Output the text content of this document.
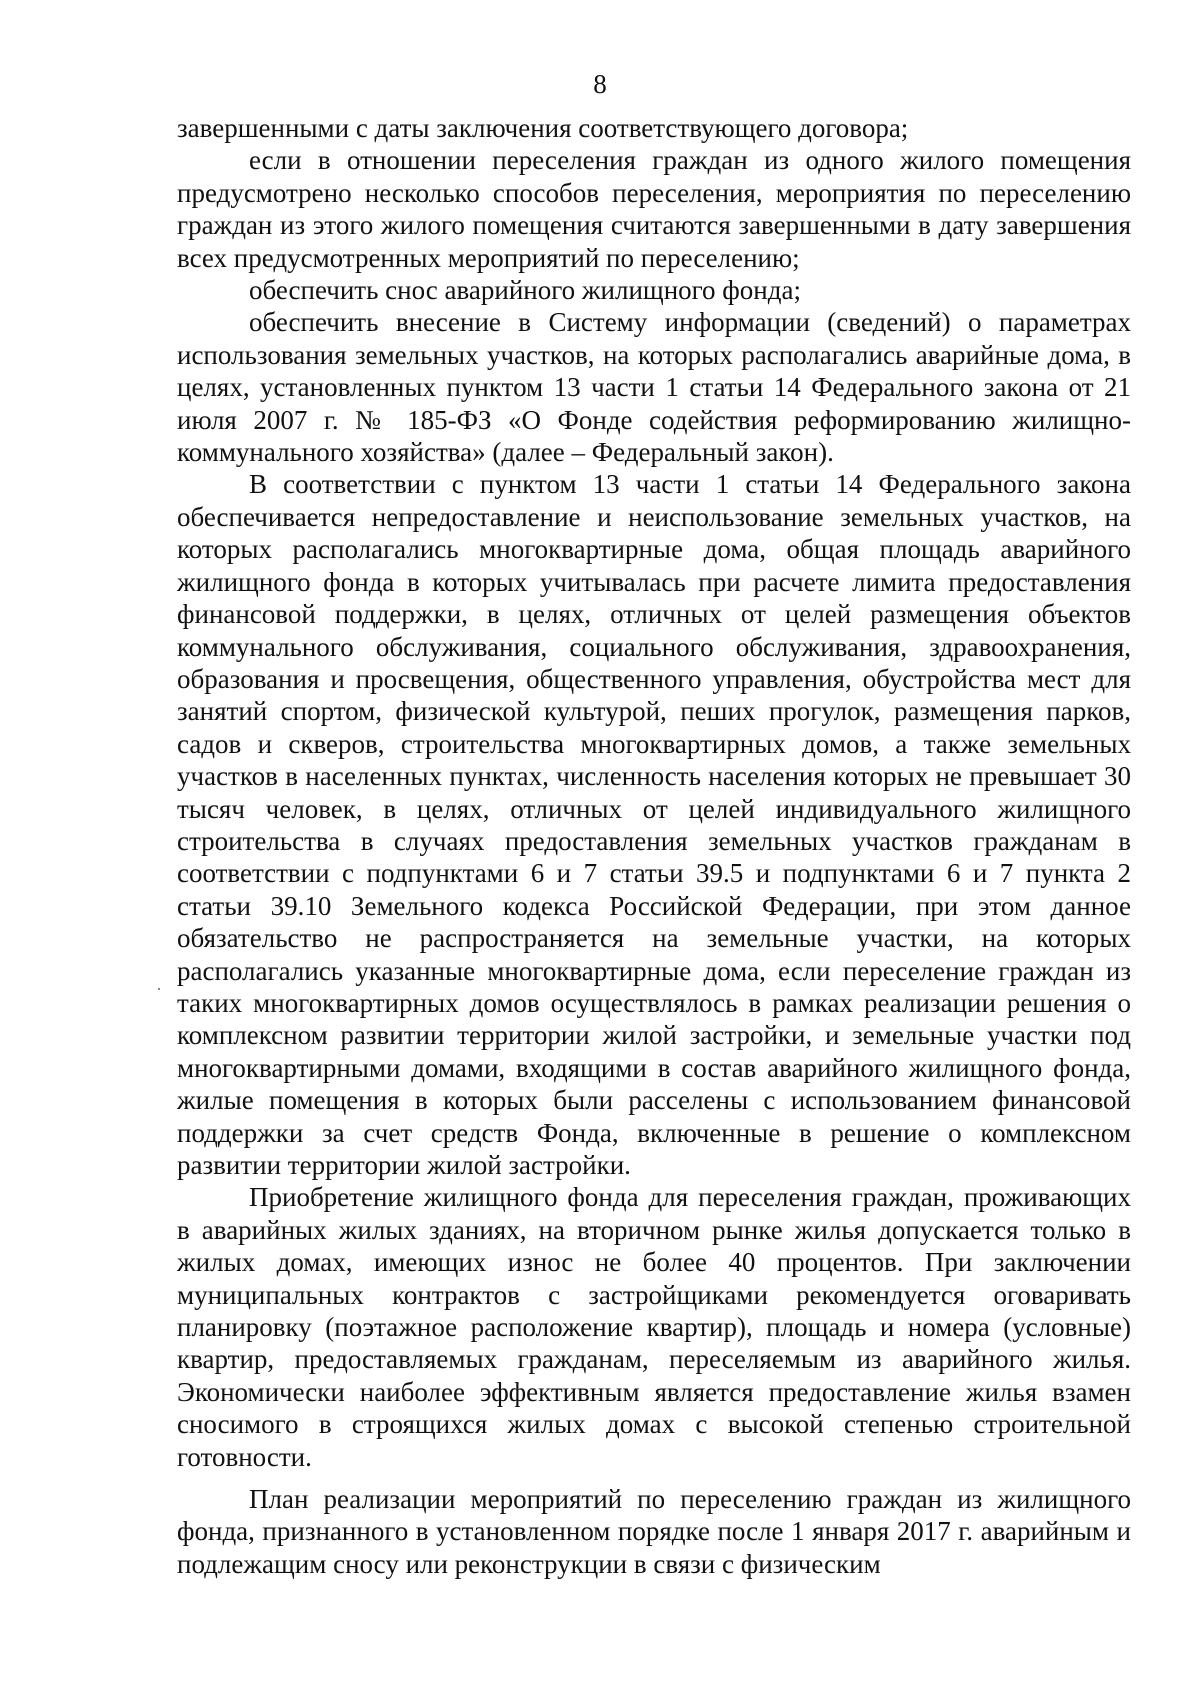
8

завершенными с даты заключения соответствующего договора;

если в отношении переселения граждан из одного жилого помещения предусмотрено несколько способов переселения, мероприятия по переселению граждан из этого жилого помещения считаются завершенными в дату завершения всех предусмотренных мероприятий по переселению;

обеспечить снос аварийного жилищного фонда;

обеспечить внесение в Систему информации (сведений) о параметрах использования земельных участков, на которых располагались аварийные дома, в целях, установленных пунктом 13 части 1 статьи 14 Федерального закона от 21 июля 2007 г. № 185-ФЗ «О Фонде содействия реформированию жилищно-коммунального хозяйства» (далее – Федеральный закон).

В соответствии с пунктом 13 части 1 статьи 14 Федерального закона обеспечивается непредоставление и неиспользование земельных участков, на которых располагались многоквартирные дома, общая площадь аварийного жилищного фонда в которых учитывалась при расчете лимита предоставления финансовой поддержки, в целях, отличных от целей размещения объектов коммунального обслуживания, социального обслуживания, здравоохранения, образования и просвещения, общественного управления, обустройства мест для занятий спортом, физической культурой, пеших прогулок, размещения парков, садов и скверов, строительства многоквартирных домов, а также земельных участков в населенных пунктах, численность населения которых не превышает 30 тысяч человек, в целях, отличных от целей индивидуального жилищного строительства в случаях предоставления земельных участков гражданам в соответствии с подпунктами 6 и 7 статьи 39.5 и подпунктами 6 и 7 пункта 2 статьи 39.10 Земельного кодекса Российской Федерации, при этом данное обязательство не распространяется на земельные участки, на которых располагались указанные многоквартирные дома, если переселение граждан из таких многоквартирных домов осуществлялось в рамках реализации решения о комплексном развитии территории жилой застройки, и земельные участки под многоквартирными домами, входящими в состав аварийного жилищного фонда, жилые помещения в которых были расселены с использованием финансовой поддержки за счет средств Фонда, включенные в решение о комплексном развитии территории жилой застройки.

Приобретение жилищного фонда для переселения граждан, проживающих в аварийных жилых зданиях, на вторичном рынке жилья допускается только в жилых домах, имеющих износ не более 40 процентов. При заключении муниципальных контрактов с застройщиками рекомендуется оговаривать планировку (поэтажное расположение квартир), площадь и номера (условные) квартир, предоставляемых гражданам, переселяемым из аварийного жилья. Экономически наиболее эффективным является предоставление жилья взамен сносимого в строящихся жилых домах с высокой степенью строительной готовности.

План реализации мероприятий по переселению граждан из жилищного фонда, признанного в установленном порядке после 1 января 2017 г. аварийным и подлежащим сносу или реконструкции в связи с физическим
